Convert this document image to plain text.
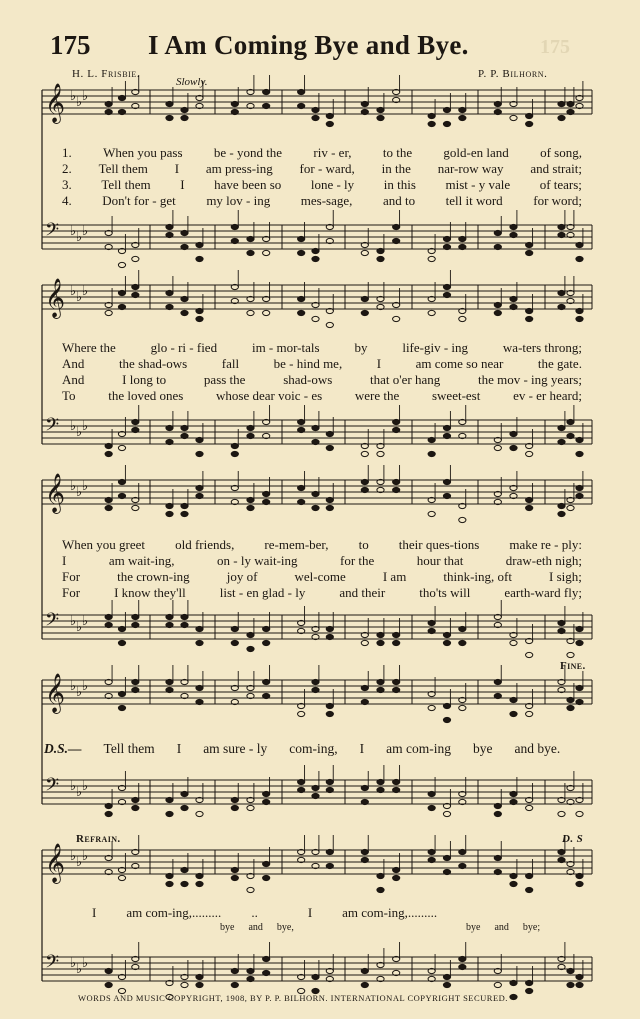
175 I Am Coming Bye and Bye.	175
H. L. Frisbie.
Slowly.
P. P. Bilhorn.
𝄞 ♭ ♭ ♭
𝄢 ♭ ♭ ♭
𝄞 ♭ ♭ ♭
𝄢 ♭ ♭ ♭
𝄞 ♭ ♭ ♭
𝄢 ♭ ♭ ♭
𝄞 ♭ ♭ ♭
𝄢 ♭ ♭ ♭
𝄞 ♭ ♭ ♭
𝄢 ♭ ♭ ♭
1. When you pass be - yond the riv - er, to the gold-en land of song,
2. Tell them I am press-ing for - ward, in the nar-row way and strait;
3. Tell them I have been so lone - ly in this mist - y vale of tears;
4. Don't for - get my lov - ing mes-sage, and to tell it word for word;
Where the	glo - ri - fied	im - mor-tals	by	life-giv - ing	wa-ters throng;
And	the shad-ows	fall	be - hind me,	I	am come so near	the gate.
And	I long to	pass the	shad-ows	that o'er hang	the mov - ing years;
To	the loved ones	whose dear voic - es	were the	sweet-est	ev - er heard;
When you greet old friends, re-mem-ber, to their ques-tions make re - ply:
I	am wait-ing,	on - ly wait-ing	for the	hour that	draw-eth nigh;
For	the crown-ing	joy of	wel-come	I am	think-ing, oft	I sigh;
For	I know they'll	list - en glad - ly	and their	tho'ts will	earth-ward fly;
Fine.
D.S.— Tell them I am sure - ly com-ing, I am com-ing bye and bye.
Refrain.	D. S
I am com-ing,......... ..	I am com-ing,.........
bye and bye,	bye and bye;
WORDS AND MUSIC COPYRIGHT, 1908, BY P. P. BILHORN. INTERNATIONAL COPYRIGHT SECURED.
